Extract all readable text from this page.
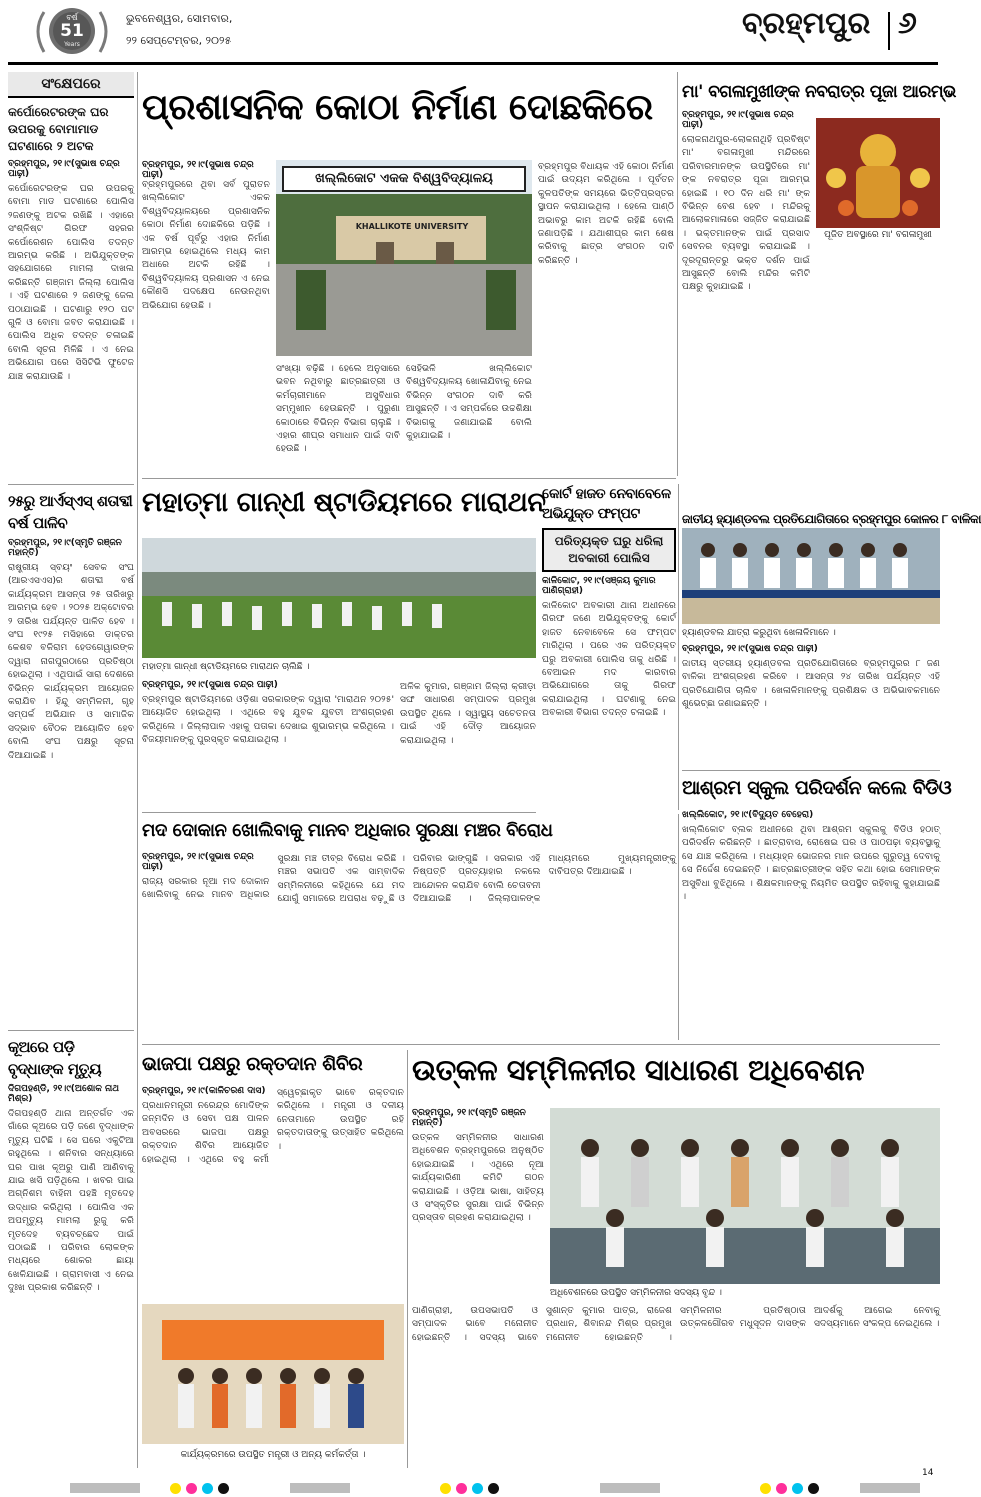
ବର୍ଷ
51
Years
ଭୁବନେଶ୍ୱର, ସୋମବାର,
୨୨ ସେପ୍ଟେମ୍ବର, ୨୦୨୫	ବ୍ରହ୍ମପୁର ୬
ସଂକ୍ଷେପରେ
କର୍ପୋରେଟରଙ୍କ ଘର ଉପରକୁ ବୋମାମାଡ ଘଟଣାରେ ୨ ଅଟକ
ବ୍ରହ୍ମପୁର, ୨୧।୯(ସୁଭାଷ ଚନ୍ଦ୍ର ପାଢ଼ୀ)
କର୍ପୋରେଟରଙ୍କ ଘର ଉପରକୁ ବୋମା ମାଡ ଘଟଣାରେ ପୋଲିସ ୨ଜଣଙ୍କୁ ଅଟକ ରଖିଛି । ଏହାରେ ସଂଶ୍ଳିଷ୍ଟ ଗିରଫ ସହରର କର୍ପୋରେଶନ ପୋଲିସ ତଦନ୍ତ ଆରମ୍ଭ କରିଛି । ଅଭିଯୁକ୍ତଙ୍କ ସହଯୋଗରେ ମାମଲା ଦାଖଲ କରିଛନ୍ତି ଗଞ୍ଜାମ ଜିଲ୍ଲା ପୋଲିସ । ଏହି ଘଟଣାରେ ୨ ଜଣଙ୍କୁ ଜେଲ ପଠାଯାଇଛି । ଘଟଣାରୁ ୧୨୦ ପଟ ଗୁଳି ଓ ବୋମା ଜବତ କରାଯାଇଛି । ପୋଲିସ ଅଧିକ ତଦନ୍ତ ଚଳାଇଛି ବୋଲି ସୂଚନା ମିଳିଛି । ଏ ନେଇ ଅଭିଯୋଗ ପରେ ସିସିଟିଭି ଫୁଟେଜ ଯାଞ୍ଚ କରାଯାଉଛି ।
୨୫ରୁ ଆର୍ଏସ୍ଏସ୍ ଶତାବ୍ଦୀ ବର୍ଷ ପାଳିବ
ବ୍ରହ୍ମପୁର, ୨୧।୯(ସ୍ମୃତି ରଞ୍ଜନ ମହାନ୍ତି)
ରାଷ୍ଟ୍ରୀୟ ସ୍ବୟଂ ସେବକ ସଂଘ (ଆରଏସଏସ)ର ଶତାବ୍ଦୀ ବର୍ଷ କାର୍ଯ୍ୟକ୍ରମ ଆସନ୍ତା ୨୫ ତାରିଖରୁ ଆରମ୍ଭ ହେବ । ୨୦୨୫ ଅକ୍ଟୋବର ୨ ତାରିଖ ପର୍ଯ୍ୟନ୍ତ ପାଳିତ ହେବ । ସଂଘ ୧୯୨୫ ମସିହାରେ ଡାକ୍ତର କେଶବ ବଳିରାମ ହେଡଗେୱାରଙ୍କ ଦ୍ୱାରା ନାଗପୁରଠାରେ ପ୍ରତିଷ୍ଠା ହୋଇଥିଲା । ଏଥିପାଇଁ ସାରା ଦେଶରେ ବିଭିନ୍ନ କାର୍ଯ୍ୟକ୍ରମ ଆୟୋଜନ କରାଯିବ । ହିନ୍ଦୁ ସମ୍ମିଳନୀ, ଗୃହ ସମ୍ପର୍କ ଅଭିଯାନ ଓ ସାମାଜିକ ସଦ୍ଭାବ ବୈଠକ ଆୟୋଜିତ ହେବ ବୋଲି ସଂଘ ପକ୍ଷରୁ ସୂଚନା ଦିଆଯାଇଛି ।
କୂଅରେ ପଡ଼ି ବୃଦ୍ଧାଙ୍କ ମୃତ୍ୟୁ
ଦିଗପହଣ୍ଡି, ୨୧।୯(ଅଶୋକ ନାଥ ମିଶ୍ର)
ଦିଗପହଣ୍ଡି ଥାନା ଅନ୍ତର୍ଗତ ଏକ ଗାଁରେ କୂଅରେ ପଡ଼ି ଜଣେ ବୃଦ୍ଧାଙ୍କ ମୃତ୍ୟୁ ଘଟିଛି । ସେ ଘରେ ଏକୁଟିଆ ରହୁଥିଲେ । ଶନିବାର ସନ୍ଧ୍ୟାରେ ଘର ପାଖ କୂଅରୁ ପାଣି ଆଣିବାକୁ ଯାଇ ଖସି ପଡ଼ିଥିଲେ । ଖବର ପାଇ ଅଗ୍ନିଶମ ବାହିନୀ ପହଞ୍ଚି ମୃତଦେହ ଉଦ୍ଧାର କରିଥିଲା । ପୋଲିସ ଏକ ଅପମୃତ୍ୟୁ ମାମଲା ରୁଜୁ କରି ମୃତଦେହ ବ୍ୟବଚ୍ଛେଦ ପାଇଁ ପଠାଇଛି । ପରିବାର ଲୋକଙ୍କ ମଧ୍ୟରେ ଶୋକର ଛାୟା ଖେଳିଯାଇଛି । ଗ୍ରାମବାସୀ ଏ ନେଇ ଦୁଃଖ ପ୍ରକାଶ କରିଛନ୍ତି ।
ପ୍ରଶାସନିକ କୋଠା ନିର୍ମାଣ ଦୋଛକିରେ
ବ୍ରହ୍ମପୁର, ୨୧।୯(ସୁଭାଷ ଚନ୍ଦ୍ର ପାଢ଼ୀ)
ବ୍ରହ୍ମପୁରରେ ଥିବା ସର୍ବ ପୁରାତନ ଖଲ୍ଲିକୋଟ ଏକକ ବିଶ୍ୱବିଦ୍ୟାଳୟରେ ପ୍ରଶାସନିକ କୋଠା ନିର୍ମାଣ ଦୋଛକିରେ ପଡ଼ିଛି । ଏକ ବର୍ଷ ପୂର୍ବରୁ ଏହାର ନିର୍ମାଣ ଆରମ୍ଭ ହୋଇଥିଲେ ମଧ୍ୟ କାମ ଅଧାରେ ଅଟକି ରହିଛି । ବିଶ୍ୱବିଦ୍ୟାଳୟ ପ୍ରଶାସନ ଏ ନେଇ କୌଣସି ପଦକ୍ଷେପ ନେଉନଥିବା ଅଭିଯୋଗ ହେଉଛି ।
ଖଲ୍ଲିକୋଟ ଏକକ ବିଶ୍ୱବିଦ୍ୟାଳୟ
KHALLIKOTE UNIVERSITY
ସଂଖ୍ୟା ବଢ଼ିଛି । ହେଲେ ଅନୁସାରେ ଭବନ ନଥିବାରୁ ଛାତ୍ରଛାତ୍ରୀ ଓ କର୍ମଚାରୀମାନେ ଅସୁବିଧାର ସମ୍ମୁଖୀନ ହେଉଛନ୍ତି । ପୁରୁଣା କୋଠାରେ ବିଭିନ୍ନ ବିଭାଗ ଚାଲୁଛି । ଏହାର ଶୀଘ୍ର ସମାଧାନ ପାଇଁ ଦାବି ହେଉଛି ।
ସେହିଭଳି ଖଲ୍ଲିକୋଟ ବିଶ୍ୱବିଦ୍ୟାଳୟ ଖୋଳାଯିବାକୁ ନେଇ ବିଭିନ୍ନ ସଂଗଠନ ଦାବି କରି ଆସୁଛନ୍ତି । ଏ ସମ୍ପର୍କରେ ଉଚ୍ଚଶିକ୍ଷା ବିଭାଗକୁ ଜଣାଯାଇଛି ବୋଲି କୁହାଯାଇଛି ।
ବ୍ରହ୍ମପୁର ବିଧାୟକ ଏହି କୋଠା ନିର୍ମାଣ ପାଇଁ ଉଦ୍ୟମ କରିଥିଲେ । ପୂର୍ବତନ କୁଳପତିଙ୍କ ସମୟରେ ଭିତ୍ତିପ୍ରସ୍ତର ସ୍ଥାପନ କରାଯାଇଥିଲା । ହେଲେ ପାଣ୍ଠି ଅଭାବରୁ କାମ ଅଟକି ରହିଛି ବୋଲି ଜଣାପଡ଼ିଛି । ଯଥାଶୀଘ୍ର କାମ ଶେଷ କରିବାକୁ ଛାତ୍ର ସଂଗଠନ ଦାବି କରିଛନ୍ତି ।
ମା' ବଗଳାମୁଖୀଙ୍କ ନବରାତ୍ର ପୂଜା ଆରମ୍ଭ
ବ୍ରହ୍ମପୁର, ୨୧।୯(ସୁଭାଷ ଚନ୍ଦ୍ର ପାଢ଼ୀ)
ଲୋକନାଥପୁର-ଲୋକନାଥିହି ପ୍ରବିଷ୍ଟ ମା' ବଗଳାମୁଖୀ ମନ୍ଦିରରେ ପରିବାରମାନଙ୍କ ଉପସ୍ଥିତିରେ ମା' ଙ୍କ ନବରାତ୍ର ପୂଜା ଆରମ୍ଭ ହୋଇଛି । ୧୦ ଦିନ ଧରି ମା' ଙ୍କ ବିଭିନ୍ନ ବେଶ ହେବ । ମନ୍ଦିରକୁ ଆଲୋକମାଳାରେ ସଜ୍ଜିତ କରାଯାଇଛି । ଭକ୍ତମାନଙ୍କ ପାଇଁ ପ୍ରସାଦ ସେବନର ବ୍ୟବସ୍ଥା କରାଯାଇଛି । ଦୂରଦୂରାନ୍ତରୁ ଭକ୍ତ ଦର୍ଶନ ପାଇଁ ଆସୁଛନ୍ତି ବୋଲି ମନ୍ଦିର କମିଟି ପକ୍ଷରୁ କୁହାଯାଇଛି ।
ପୂଜିତ ଅବସ୍ଥାରେ ମା' ବଗଳାମୁଖୀ
ମହାତ୍ମା ଗାନ୍ଧୀ ଷ୍ଟାଡିୟମରେ ମାରାଥନ
ମହାତ୍ମା ଗାନ୍ଧୀ ଷ୍ଟାଡିୟମରେ ମାରାଥନ ଚାଲିଛି ।
ବ୍ରହ୍ମପୁର, ୨୧।୯(ସୁଭାଷ ଚନ୍ଦ୍ର ପାଢ଼ୀ)
ବ୍ରହ୍ମପୁର ଷ୍ଟାଡିୟମରେ ଓଡ଼ିଶା ସରକାରଙ୍କ ଦ୍ୱାରା 'ମାରାଥନ ୨୦୨୫' ଆୟୋଜିତ ହୋଇଥିଲା । ଏଥିରେ ବହୁ ଯୁବକ ଯୁବତୀ ଅଂଶଗ୍ରହଣ କରିଥିଲେ । ଜିଲ୍ଲାପାଳ ଏହାକୁ ପତାକା ଦେଖାଇ ଶୁଭାରମ୍ଭ କରିଥିଲେ । ବିଜୟୀମାନଙ୍କୁ ପୁରସ୍କୃତ କରାଯାଇଥିଲା ।
ଅଳିକ କୁମାର, ଗଞ୍ଜାମ ଜିଲ୍ଲା କ୍ରୀଡ଼ା ସଙ୍ଘ ସାଧାରଣ ସମ୍ପାଦକ ପ୍ରମୁଖ ଉପସ୍ଥିତ ଥିଲେ । ସ୍ୱାସ୍ଥ୍ୟ ସଚେତନତା ପାଇଁ ଏହି ଦୌଡ଼ ଆୟୋଜନ କରାଯାଇଥିଲା ।
କୋର୍ଟ ହାଜତ ନେବାବେଳେ ଅଭିଯୁକ୍ତ ଫମ୍ପଟ
ପରିତ୍ୟକ୍ତ ଘରୁ ଧରିଲା ଅବକାରୀ ପୋଲିସ
କାଳିକୋଟ, ୨୧।୯(ସଞ୍ଜୟ କୁମାର ପାଣିଗ୍ରାହୀ)
କାଳିକୋଟ ଅବକାରୀ ଥାନା ଅଧୀନରେ ଗିରଫ ଜଣେ ଅଭିଯୁକ୍ତଙ୍କୁ କୋର୍ଟ ହାଜତ ନେବାବେଳେ ସେ ଫମ୍ପଟ ମାରିଥିଲା । ପରେ ଏକ ପରିତ୍ୟକ୍ତ ଘରୁ ଅବକାରୀ ପୋଲିସ ତାକୁ ଧରିଛି । ବେଆଇନ ମଦ କାରବାର ଅଭିଯୋଗରେ ତାକୁ ଗିରଫ କରାଯାଇଥିଲା । ଘଟଣାକୁ ନେଇ ଅବକାରୀ ବିଭାଗ ତଦନ୍ତ ଚଳାଇଛି ।
ଜାତୀୟ ହ୍ୟାଣ୍ଡବଲ ପ୍ରତିଯୋଗିତାରେ ବ୍ରହ୍ମପୁର କୋଳର ୮ ବାଳିକା
ହ୍ୟାଣ୍ଡବଲ ଯାତ୍ରା କରୁଥିବା ଖେଳାଳିମାନେ ।
ବ୍ରହ୍ମପୁର, ୨୧।୯(ସୁଭାଷ ଚନ୍ଦ୍ର ପାଢ଼ୀ)
ଜାତୀୟ ସ୍ତରୀୟ ହ୍ୟାଣ୍ଡବଲ ପ୍ରତିଯୋଗିତାରେ ବ୍ରହ୍ମପୁରର ୮ ଜଣ ବାଳିକା ଅଂଶଗ୍ରହଣ କରିବେ । ଆସନ୍ତା ୨୪ ତାରିଖ ପର୍ଯ୍ୟନ୍ତ ଏହି ପ୍ରତିଯୋଗିତା ଚାଲିବ । ଖେଳାଳିମାନଙ୍କୁ ପ୍ରଶିକ୍ଷକ ଓ ଅଭିଭାବକମାନେ ଶୁଭେଚ୍ଛା ଜଣାଇଛନ୍ତି ।
ଆଶ୍ରମ ସ୍କୁଲ ପରିଦର୍ଶନ କଲେ ବିଡିଓ
ଖଲ୍ଲିକୋଟ, ୨୧।୯(ବିଦ୍ୟୁତ ବେହେରା)
ଖଲ୍ଲିକୋଟ ବ୍ଲକ ଅଧୀନରେ ଥିବା ଆଶ୍ରମ ସ୍କୁଲକୁ ବିଡିଓ ହଠାତ୍ ପରିଦର୍ଶନ କରିଛନ୍ତି । ଛାତ୍ରାବାସ, ରୋଷେଇ ଘର ଓ ପାଠପଢ଼ା ବ୍ୟବସ୍ଥାକୁ ସେ ଯାଞ୍ଚ କରିଥିଲେ । ମଧ୍ୟାହ୍ନ ଭୋଜନର ମାନ ଉପରେ ଗୁରୁତ୍ୱ ଦେବାକୁ ସେ ନିର୍ଦ୍ଦେଶ ଦେଇଛନ୍ତି । ଛାତ୍ରଛାତ୍ରୀଙ୍କ ସହିତ କଥା ହୋଇ ସେମାନଙ୍କ ଅସୁବିଧା ବୁଝିଥିଲେ । ଶିକ୍ଷକମାନଙ୍କୁ ନିୟମିତ ଉପସ୍ଥିତ ରହିବାକୁ କୁହାଯାଇଛି ।
ମଦ ଦୋକାନ ଖୋଲିବାକୁ ମାନବ ଅଧିକାର ସୁରକ୍ଷା ମଞ୍ଚର ବିରୋଧ
ବ୍ରହ୍ମପୁର, ୨୧।୯(ସୁଭାଷ ଚନ୍ଦ୍ର ପାଢ଼ୀ)
ରାଜ୍ୟ ସରକାର ନୂଆ ମଦ ଦୋକାନ ଖୋଲିବାକୁ ନେଇ ମାନବ ଅଧିକାର ସୁରକ୍ଷା ମଞ୍ଚ ତୀବ୍ର ବିରୋଧ କରିଛି । ମଞ୍ଚର ସଭାପତି ଏକ ସାମ୍ବାଦିକ ସମ୍ମିଳନୀରେ କହିଥିଲେ ଯେ ମଦ ଯୋଗୁଁ ସମାଜରେ ଅପରାଧ ବଢ଼ୁଛି ଓ ପରିବାର ଭାଙ୍ଗୁଛି । ସରକାର ଏହି ନିଷ୍ପତ୍ତି ପ୍ରତ୍ୟାହାର ନକଲେ ଆନ୍ଦୋଳନ କରାଯିବ ବୋଲି ଚେତାବନୀ ଦିଆଯାଇଛି । ଜିଲ୍ଲାପାଳଙ୍କ ମାଧ୍ୟମରେ ମୁଖ୍ୟମନ୍ତ୍ରୀଙ୍କୁ ଦାବିପତ୍ର ଦିଆଯାଇଛି ।
ଭାଜପା ପକ୍ଷରୁ ରକ୍ତଦାନ ଶିବିର
ବ୍ରହ୍ମପୁର, ୨୧।୯(କାଳିଚରଣ ଦାସ)
ପ୍ରଧାନମନ୍ତ୍ରୀ ନରେନ୍ଦ୍ର ମୋଦିଙ୍କ ଜନ୍ମଦିନ ଓ ସେବା ପକ୍ଷ ପାଳନ ଅବସରରେ ଭାଜପା ପକ୍ଷରୁ ରକ୍ତଦାନ ଶିବିର ଆୟୋଜିତ ହୋଇଥିଲା । ଏଥିରେ ବହୁ କର୍ମୀ ସ୍ୱେଚ୍ଛାକୃତ ଭାବେ ରକ୍ତଦାନ କରିଥିଲେ । ମନ୍ତ୍ରୀ ଓ ଦଳୀୟ ନେତାମାନେ ଉପସ୍ଥିତ ରହି ରକ୍ତଦାତାଙ୍କୁ ଉତ୍ସାହିତ କରିଥିଲେ ।
କାର୍ଯ୍ୟକ୍ରମରେ ଉପସ୍ଥିତ ମନ୍ତ୍ରୀ ଓ ଅନ୍ୟ କର୍ମକର୍ତ୍ତା ।
ଉତ୍କଳ ସମ୍ମିଳନୀର ସାଧାରଣ ଅଧିବେଶନ
ବ୍ରହ୍ମପୁର, ୨୧।୯(ସ୍ମୃତି ରଞ୍ଜନ ମହାନ୍ତି)
ଉତ୍କଳ ସମ୍ମିଳନୀର ସାଧାରଣ ଅଧିବେଶନ ବ୍ରହ୍ମପୁରରେ ଅନୁଷ୍ଠିତ ହୋଇଯାଇଛି । ଏଥିରେ ନୂଆ କାର୍ଯ୍ୟକାରିଣୀ କମିଟି ଗଠନ କରାଯାଇଛି । ଓଡ଼ିଆ ଭାଷା, ସାହିତ୍ୟ ଓ ସଂସ୍କୃତିର ସୁରକ୍ଷା ପାଇଁ ବିଭିନ୍ନ ପ୍ରସ୍ତାବ ଗ୍ରହଣ କରାଯାଇଥିଲା ।
ଅଧିବେଶନରେ ଉପସ୍ଥିତ ସମ୍ମିଳନୀର ସଦସ୍ୟ ବୃନ୍ଦ ।
ପାଣିଗ୍ରାହୀ, ଉପସଭାପତି ଓ ସମ୍ପାଦକ ଭାବେ ମନୋନୀତ ହୋଇଛନ୍ତି । ସଦସ୍ୟ ଭାବେ ସୁଶାନ୍ତ କୁମାର ପାତ୍ର, ରାଜେଶ ପ୍ରଧାନ, ଶିବାନନ୍ଦ ମିଶ୍ର ପ୍ରମୁଖ ମନୋନୀତ ହୋଇଛନ୍ତି । ସମ୍ମିଳନୀର ପ୍ରତିଷ୍ଠାତା ଉତ୍କଳଗୌରବ ମଧୁସୂଦନ ଦାସଙ୍କ ଆଦର୍ଶକୁ ଆଗେଇ ନେବାକୁ ସଦସ୍ୟମାନେ ସଂକଳ୍ପ ନେଇଥିଲେ ।
14
